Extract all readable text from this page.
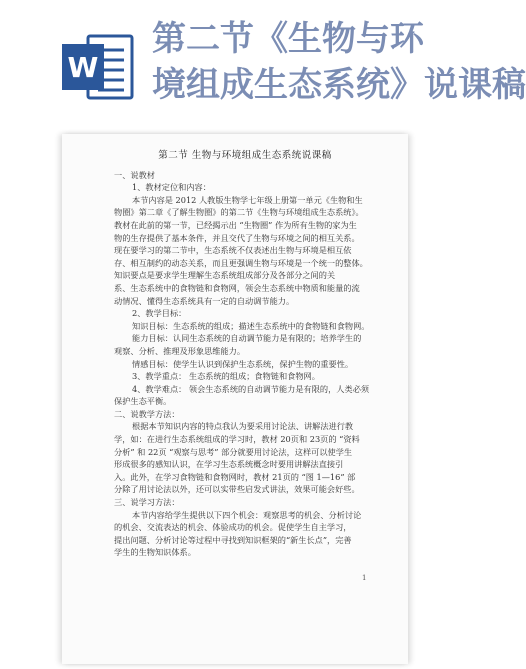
W
第二节《生物与环
境组成生态系统》说课稿
第二节 生物与环境组成生态系统说课稿
一、说教材
1、教材定位和内容：
本节内容是 2012 人教版生物学七年级上册第一单元《生物和生
物圈》第二章《了解生物圈》的第二节《生物与环境组成生态系统》。
教材在此前的第一节，已经揭示出 “生物圈” 作为所有生物的家为生
物的生存提供了基本条件，并且交代了生物与环境之间的相互关系。
现在要学习的第二节中，生态系统不仅表述出生物与环境是相互依
存、相互制约的动态关系，而且更强调生物与环境是一个统一的整体。
知识要点是要求学生理解生态系统组成部分及各部分之间的关
系、生态系统中的食物链和食物网，领会生态系统中物质和能量的流
动情况、懂得生态系统具有一定的自动调节能力。
2、教学目标：
知识目标：生态系统的组成；描述生态系统中的食物链和食物网。
能力目标：认同生态系统的自动调节能力是有限的；培养学生的
观察、分析、推理及形象思维能力。
情感目标：使学生认识到保护生态系统，保护生物的重要性。
3、教学重点： 生态系统的组成；食物链和食物网。
4、教学难点： 领会生态系统的自动调节能力是有限的，人类必须
保护生态平衡。
二、说教学方法：
根据本节知识内容的特点我认为要采用讨论法、讲解法进行教
学，如：在进行生态系统组成的学习时，教材 20页和 23页的 “资料
分析” 和 22页 “观察与思考” 部分就要用讨论法，这样可以使学生
形成很多的感知认识，在学习生态系统概念时要用讲解法直接引
入。此外，在学习食物链和食物网时，教材 21页的 “图 1—16” 部
分除了用讨论法以外，还可以实带些启发式讲法，效果可能会好些。
三、说学习方法：
本节内容给学生提供以下四个机会：观察思考的机会、分析讨论
的机会、交流表达的机会、体验成功的机会。促使学生自主学习，
提出问题、分析讨论等过程中寻找到知识框架的“新生长点”，完善
学生的生物知识体系。
1
